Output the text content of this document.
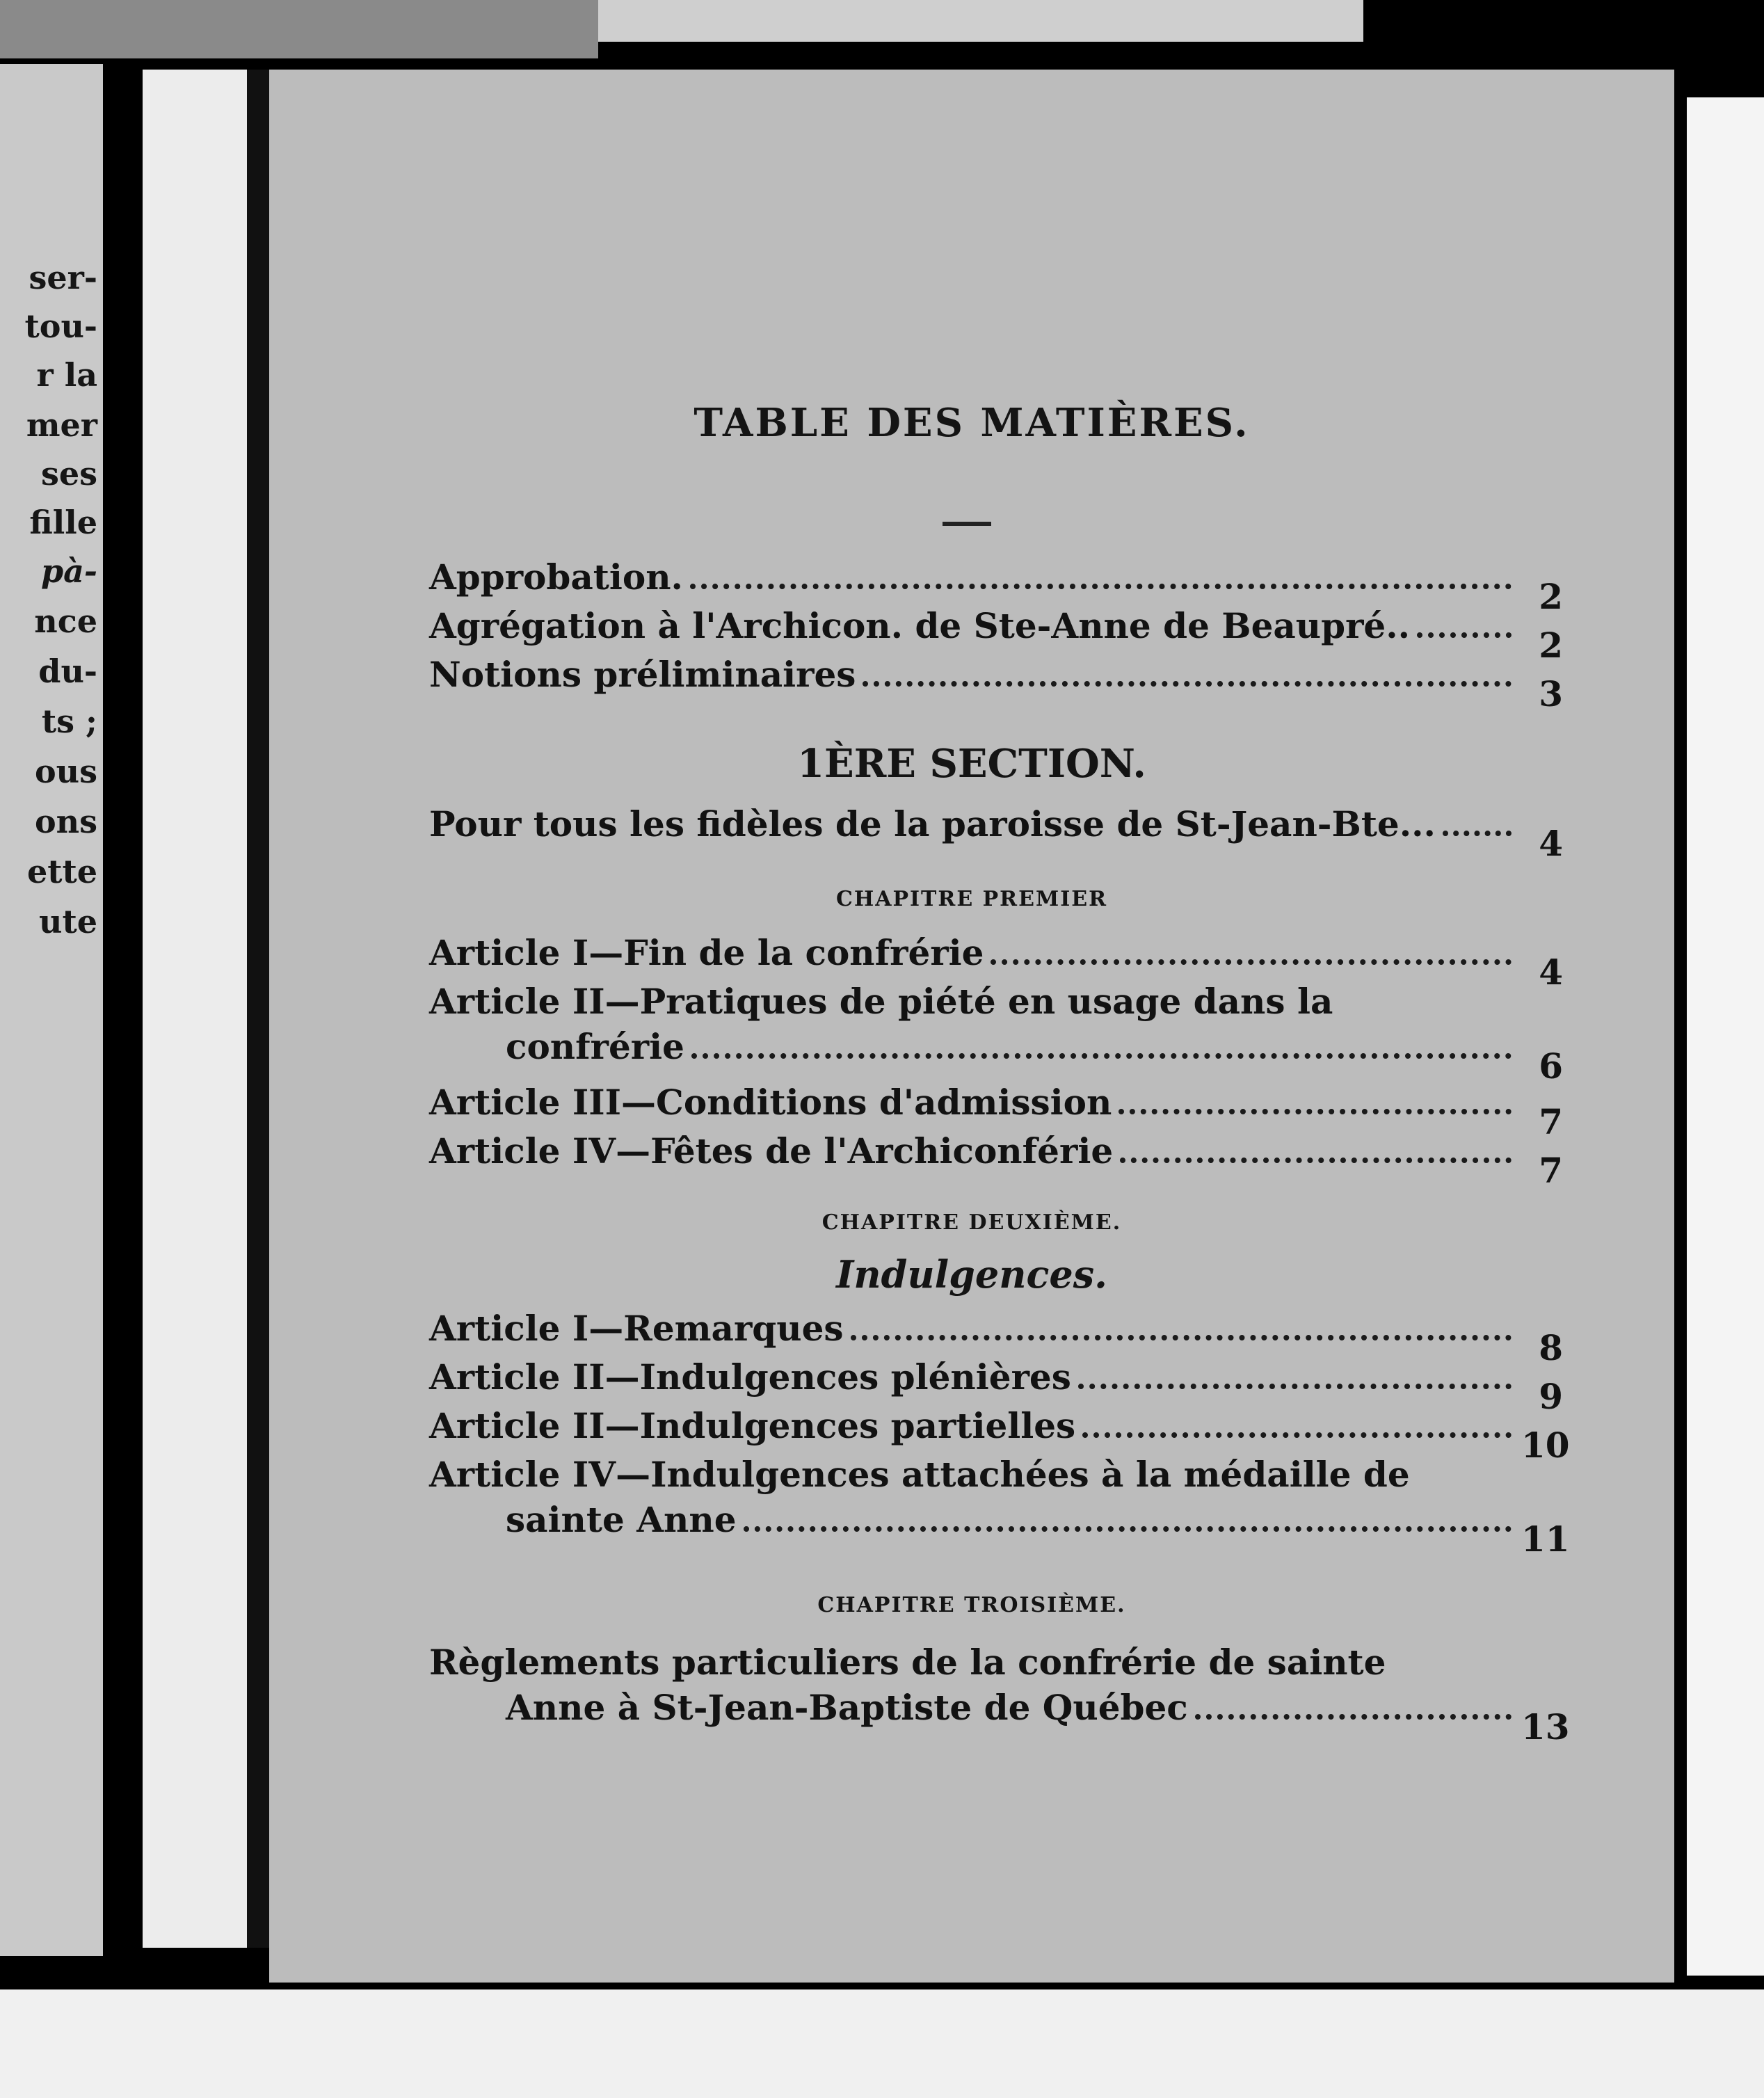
ser-
tou-
r la
mer
ses
fille
pà-
nce
du-
ts ;
ous
ons
ette
ute
TABLE DES MATIÈRES.
Approbation.	2
Agrégation à l'Archicon. de Ste-Anne de Beaupré..	2
Notions préliminaires	3
1ÈRE SECTION.
Pour tous les fidèles de la paroisse de St-Jean-Bte...	4
CHAPITRE PREMIER
Article I—Fin de la confrérie	4
Article II—Pratiques de piété en usage dans la
confrérie	6
Article III—Conditions d'admission	7
Article IV—Fêtes de l'Archiconférie	7
CHAPITRE DEUXIÈME.
Indulgences.
Article I—Remarques	8
Article II—Indulgences plénières	9
Article II—Indulgences partielles	10
Article IV—Indulgences attachées à la médaille de
sainte Anne	11
CHAPITRE TROISIÈME.
Règlements particuliers de la confrérie de sainte
Anne à St-Jean-Baptiste de Québec	13
